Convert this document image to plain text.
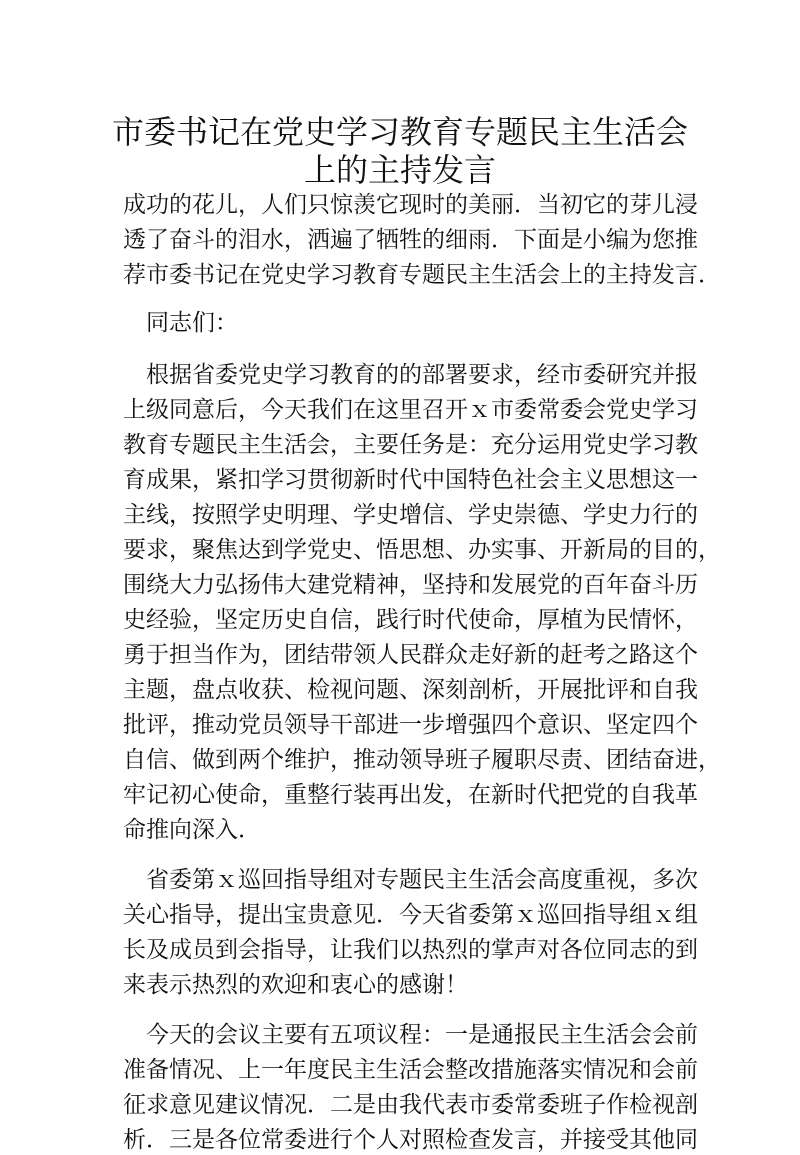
市委书记在党史学习教育专题民主生活会
上的主持发言
成功的花儿，人们只惊羡它现时的美丽．当初它的芽儿浸
透了奋斗的泪水，洒遍了牺牲的细雨．下面是小编为您推
荐市委书记在党史学习教育专题民主生活会上的主持发言．
同志们：
根据省委党史学习教育的的部署要求，经市委研究并报
上级同意后，今天我们在这里召开ｘ市委常委会党史学习
教育专题民主生活会，主要任务是：充分运用党史学习教
育成果，紧扣学习贯彻新时代中国特色社会主义思想这一
主线，按照学史明理、学史增信、学史崇德、学史力行的
要求，聚焦达到学党史、悟思想、办实事、开新局的目的，
围绕大力弘扬伟大建党精神，坚持和发展党的百年奋斗历
史经验，坚定历史自信，践行时代使命，厚植为民情怀，
勇于担当作为，团结带领人民群众走好新的赶考之路这个
主题，盘点收获、检视问题、深刻剖析，开展批评和自我
批评，推动党员领导干部进一步增强四个意识、坚定四个
自信、做到两个维护，推动领导班子履职尽责、团结奋进，
牢记初心使命，重整行装再出发，在新时代把党的自我革
命推向深入．
省委第ｘ巡回指导组对专题民主生活会高度重视，多次
关心指导，提出宝贵意见．今天省委第ｘ巡回指导组ｘ组
长及成员到会指导，让我们以热烈的掌声对各位同志的到
来表示热烈的欢迎和衷心的感谢！
今天的会议主要有五项议程：一是通报民主生活会会前
准备情况、上一年度民主生活会整改措施落实情况和会前
征求意见建议情况．二是由我代表市委常委班子作检视剖
析．三是各位常委进行个人对照检查发言，并接受其他同
